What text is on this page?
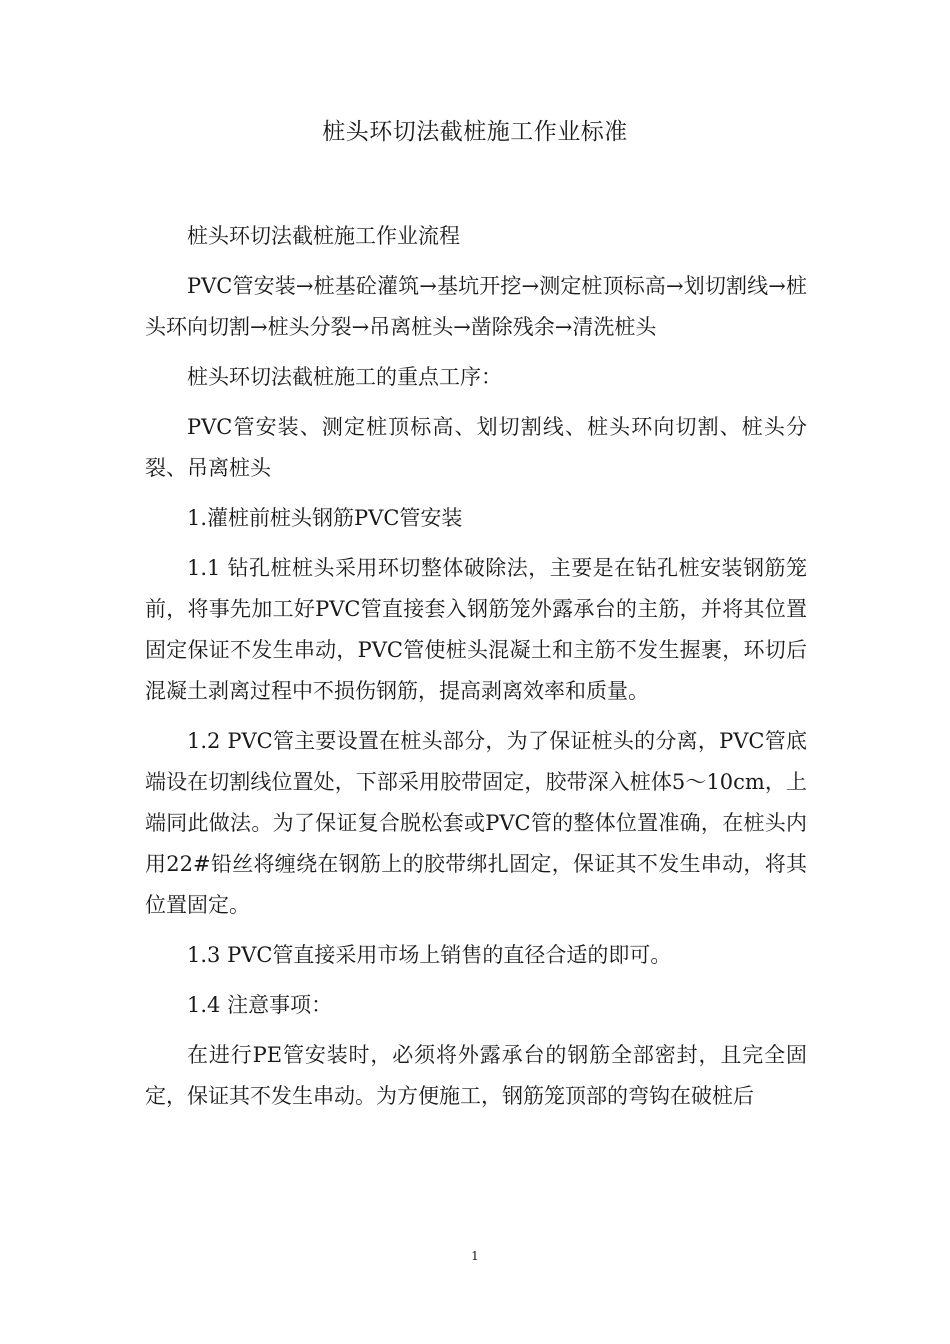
桩头环切法截桩施工作业标准

桩头环切法截桩施工作业流程

PVC管安装→桩基砼灌筑→基坑开挖→测定桩顶标高→划切割线→桩头环向切割→桩头分裂→吊离桩头→凿除残余→清洗桩头

桩头环切法截桩施工的重点工序：

PVC管安装、测定桩顶标高、划切割线、桩头环向切割、桩头分裂、吊离桩头

1.灌桩前桩头钢筋PVC管安装

1.1 钻孔桩桩头采用环切整体破除法，主要是在钻孔桩安装钢筋笼前，将事先加工好PVC管直接套入钢筋笼外露承台的主筋，并将其位置固定保证不发生串动，PVC管使桩头混凝土和主筋不发生握裹，环切后混凝土剥离过程中不损伤钢筋，提高剥离效率和质量。

1.2 PVC管主要设置在桩头部分，为了保证桩头的分离，PVC管底端设在切割线位置处，下部采用胶带固定，胶带深入桩体5～10cm，上端同此做法。为了保证复合脱松套或PVC管的整体位置准确，在桩头内用22#铅丝将缠绕在钢筋上的胶带绑扎固定，保证其不发生串动，将其位置固定。

1.3 PVC管直接采用市场上销售的直径合适的即可。

1.4 注意事项：

在进行PE管安装时，必须将外露承台的钢筋全部密封，且完全固定，保证其不发生串动。为方便施工，钢筋笼顶部的弯钩在破桩后

1
